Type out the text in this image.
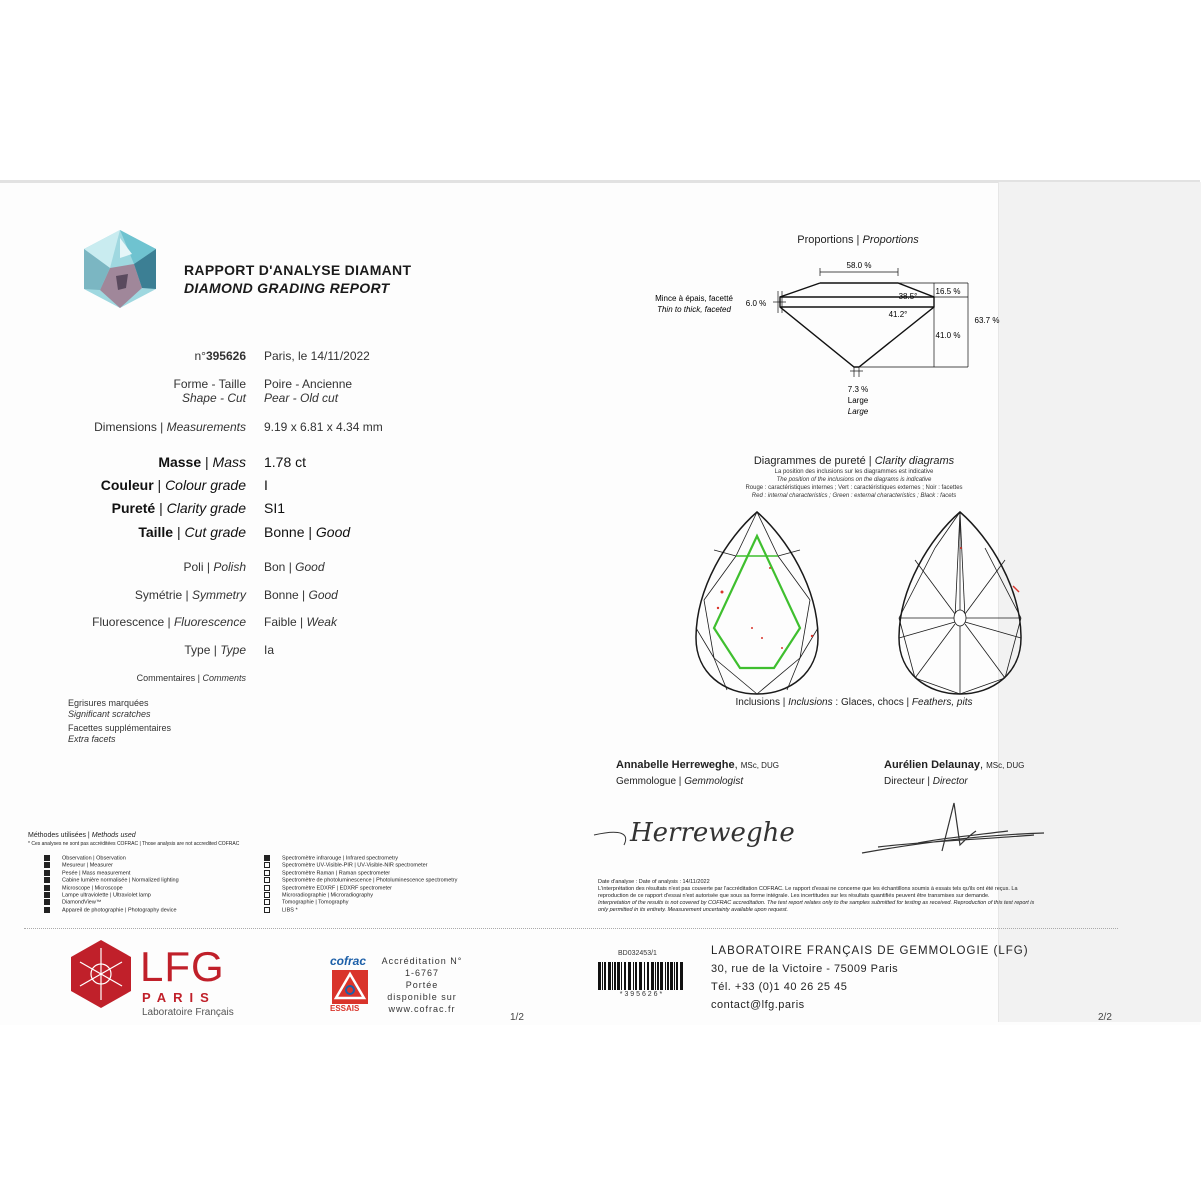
RAPPORT D'ANALYSE DIAMANT
DIAMOND GRADING REPORT
n°395626 Paris, le 14/11/2022
Forme - Taille
Shape - Cut
Poire - Ancienne
Pear - Old cut
Dimensions | Measurements 9.19 x 6.81 x 4.34 mm
Masse | Mass 1.78 ct
Couleur | Colour grade I
Pureté | Clarity grade SI1
Taille | Cut grade Bonne | Good
Poli | Polish Bon | Good
Symétrie | Symmetry Bonne | Good
Fluorescence | Fluorescence Faible | Weak
Type | Type Ia
Commentaires | Comments
Egrisures marquées
Significant scratches
Facettes supplémentaires
Extra facets
Méthodes utilisées | Methods used
* Ces analyses ne sont pas accréditées COFRAC | Those analysis are not accredited COFRAC
Observation | Observation
Mesureur | Measurer
Pesée | Mass measurement
Cabine lumière normalisée | Normalized lighting
Microscope | Microscope
Lampe ultraviolette | Ultraviolet lamp
DiamondView™
Appareil de photographie | Photography device
Spectromètre infrarouge | Infrared spectrometry
Spectromètre UV-Visible-PIR | UV-Visible-NIR spectrometer
Spectromètre Raman | Raman spectrometer
Spectromètre de photoluminescence | Photoluminescence spectrometry
Spectromètre EDXRF | EDXRF spectrometer
Microradiographie | Microradiography
Tomographie | Tomography
LIBS *
Proportions | Proportions
58.0 %
38.5°
41.2°
16.5 %
41.0 %
63.7 %
6.0 %
Mince à épais, facetté
Thin to thick, faceted
7.3 %
Large
Large
Diagrammes de pureté | Clarity diagrams
La position des inclusions sur les diagrammes est indicative
The position of the inclusions on the diagrams is indicative
Rouge : caractéristiques internes ; Vert : caractéristiques externes ; Noir : facettes
Red : internal characteristics ; Green : external characteristics ; Black : facets
Inclusions | Inclusions : Glaces, chocs | Feathers, pits
Annabelle Herreweghe, MSc, DUG
Gemmologue | Gemmologist
Aurélien Delaunay, MSc, DUG
Directeur | Director
Herreweghe
Date d'analyse : Date of analysis : 14/11/2022
L'interprétation des résultats n'est pas couverte par l'accréditation COFRAC. Le rapport d'essai ne concerne que les échantillons soumis à essais tels qu'ils ont été reçus. La
reproduction de ce rapport d'essai n'est autorisée que sous sa forme intégrale. Les incertitudes sur les résultats quantifiés peuvent être transmises sur demande.
Interpretation of the results is not covered by COFRAC accreditation. The test report relates only to the samples submitted for testing as received. Reproduction of this test report is
only permitted in its entirety. Measurement uncertainty available upon request.
LFG
PARIS
Laboratoire Français
cofrac
ESSAIS
Accréditation N°
1-6767
Portée
disponible sur
www.cofrac.fr
1/2
BD032453/1
* 3 9 5 6 2 6 *
LABORATOIRE FRANÇAIS DE GEMMOLOGIE (LFG)
30, rue de la Victoire - 75009 Paris
Tél. +33 (0)1 40 26 25 45
contact@lfg.paris
2/2
